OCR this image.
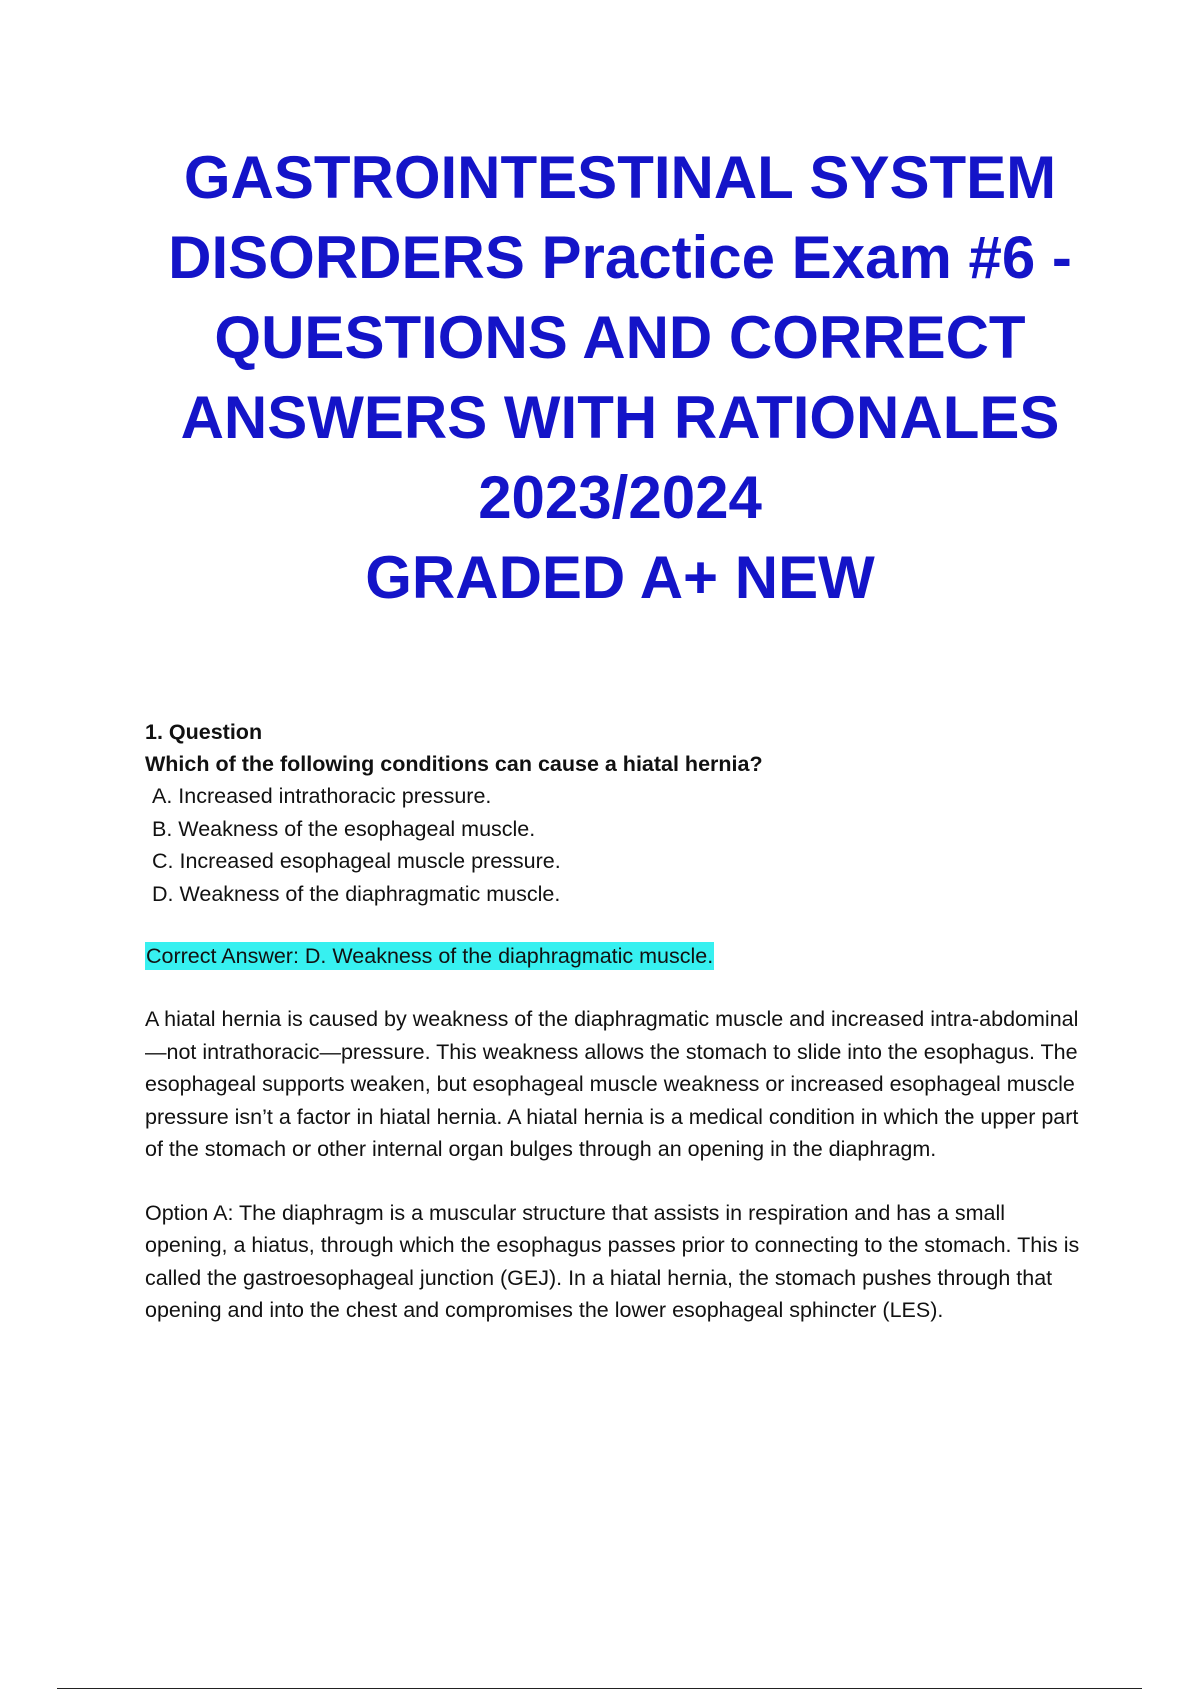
GASTROINTESTINAL SYSTEM
DISORDERS Practice Exam #6 -
QUESTIONS AND CORRECT
ANSWERS WITH RATIONALES
2023/2024
GRADED A+ NEW

1. Question

Which of the following conditions can cause a hiatal hernia?

A. Increased intrathoracic pressure.
B. Weakness of the esophageal muscle.
C. Increased esophageal muscle pressure.
D. Weakness of the diaphragmatic muscle.
Correct Answer: D. Weakness of the diaphragmatic muscle.

A hiatal hernia is caused by weakness of the diaphragmatic muscle and increased intra-abdominal—not intrathoracic—pressure. This weakness allows the stomach to slide into the esophagus. The esophageal supports weaken, but esophageal muscle weakness or increased esophageal muscle pressure isn’t a factor in hiatal hernia. A hiatal hernia is a medical condition in which the upper part of the stomach or other internal organ bulges through an opening in the diaphragm.

Option A: The diaphragm is a muscular structure that assists in respiration and has a small opening, a hiatus, through which the esophagus passes prior to connecting to the stomach. This is called the gastroesophageal junction (GEJ). In a hiatal hernia, the stomach pushes through that opening and into the chest and compromises the lower esophageal sphincter (LES).
